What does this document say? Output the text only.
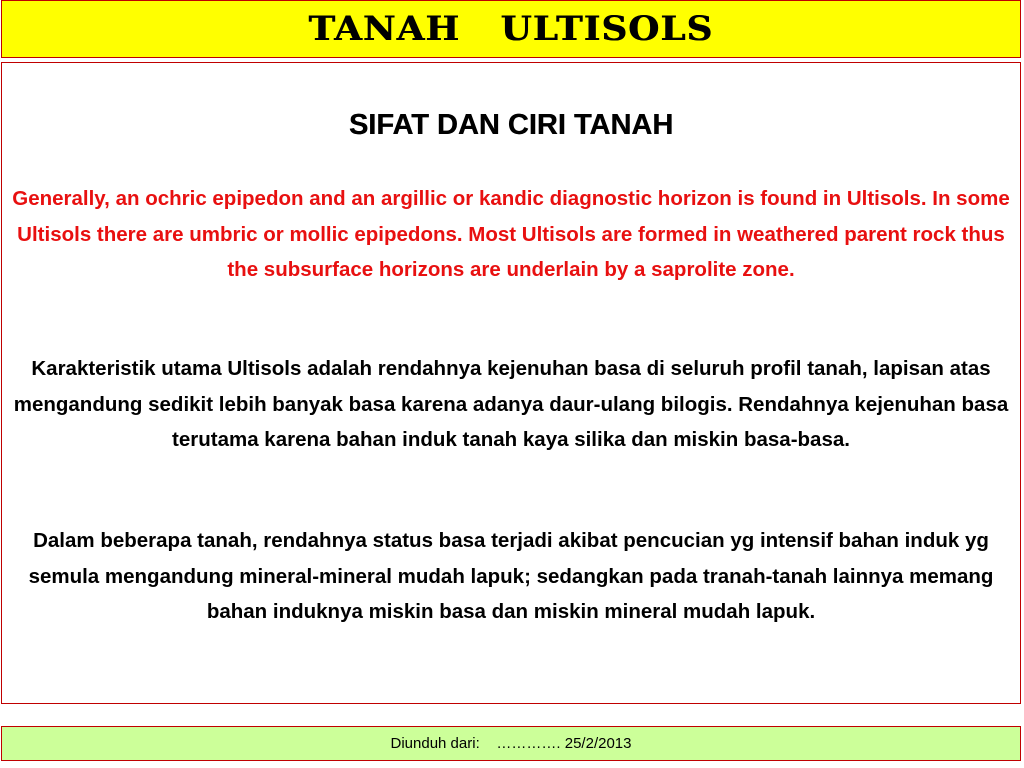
TANAH   ULTISOLS
SIFAT DAN CIRI TANAH

Generally, an ochric epipedon and an argillic or kandic diagnostic horizon is found in Ultisols. In some Ultisols there are umbric or mollic epipedons. Most Ultisols are formed in weathered parent rock thus the subsurface horizons are underlain by a saprolite zone.

Karakteristik utama Ultisols adalah rendahnya kejenuhan basa di seluruh profil tanah, lapisan atas mengandung sedikit lebih banyak basa karena adanya daur-ulang bilogis. Rendahnya kejenuhan basa terutama karena bahan induk tanah kaya silika dan miskin basa-basa.

Dalam beberapa tanah, rendahnya status basa terjadi akibat pencucian yg intensif bahan induk yg semula mengandung mineral-mineral mudah lapuk; sedangkan pada tranah-tanah lainnya memang bahan induknya miskin basa dan miskin mineral mudah lapuk.

Diunduh dari:    …………. 25/2/2013
